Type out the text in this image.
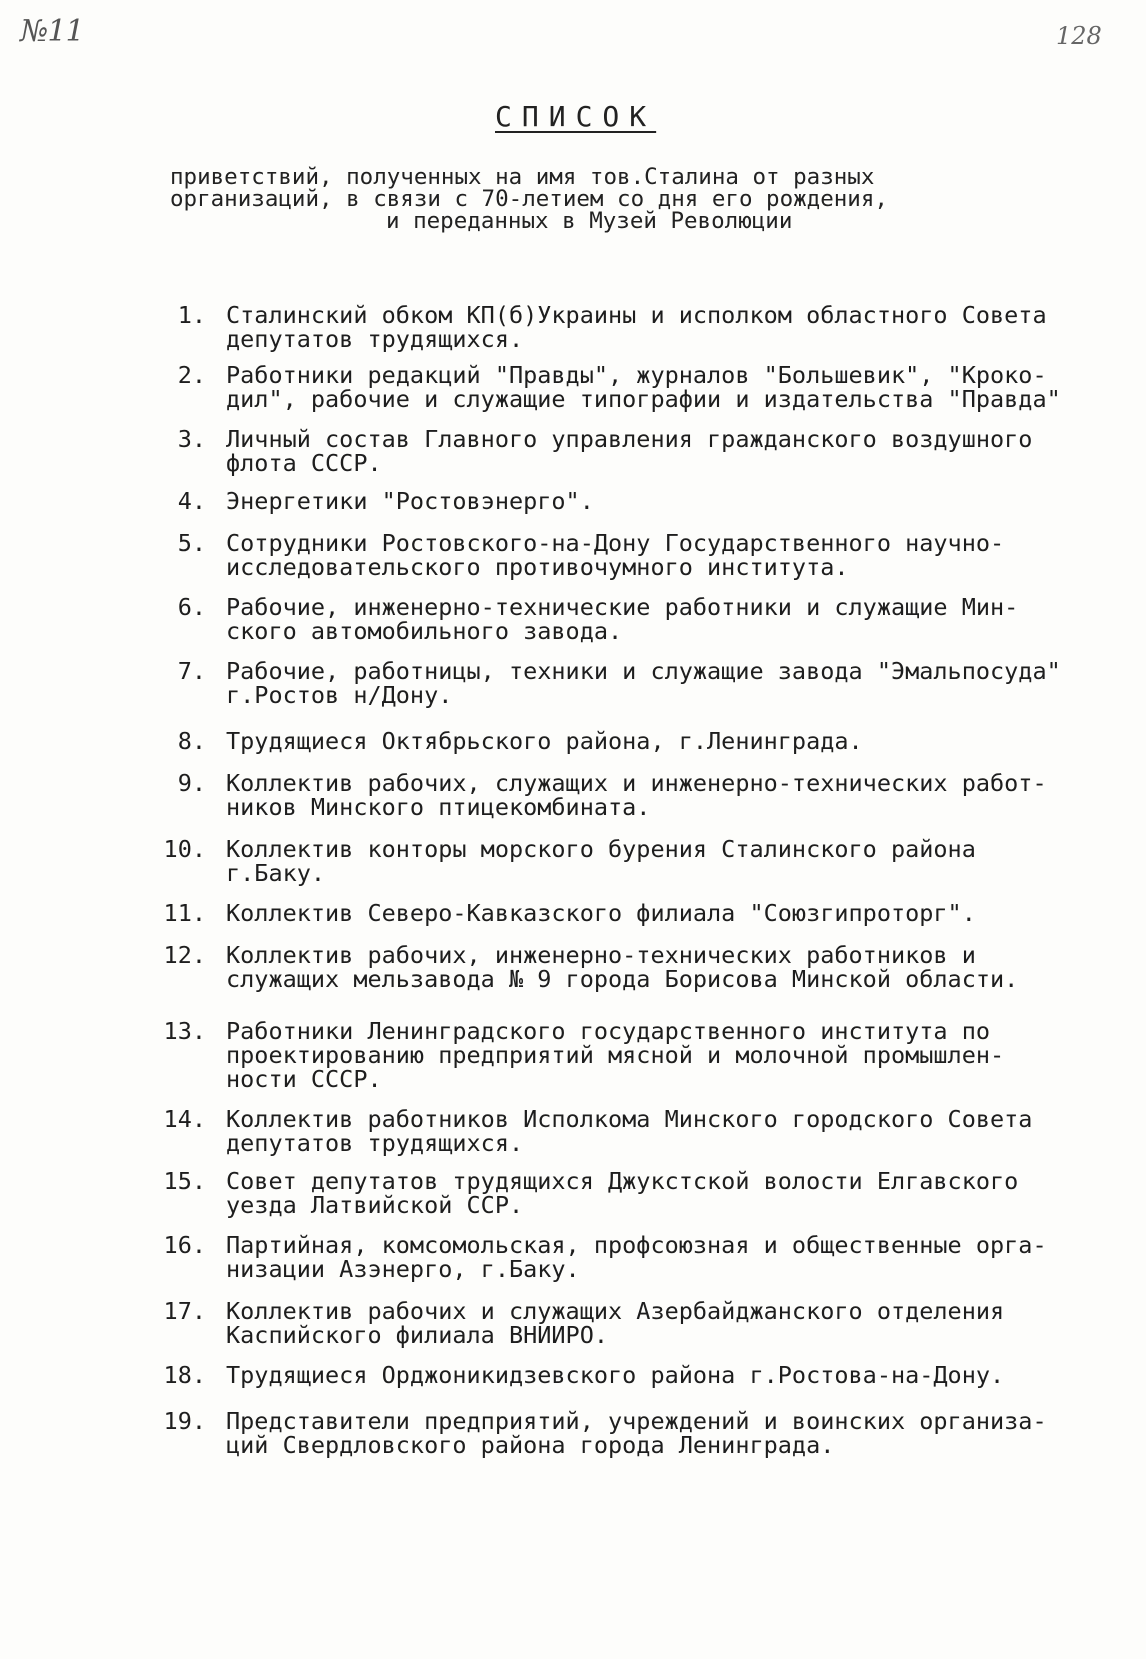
№11	128
СПИСОК
приветствий, полученных на имя тов.Сталина от разных
организаций, в связи с 70-летием со дня его рождения,
и переданных в Музей Революции
1. Сталинский обком КП(б)Украины и исполком областного Совета
депутатов трудящихся.
2. Работники редакций "Правды", журналов "Большевик", "Кроко-
дил", рабочие и служащие типографии и издательства "Правда"
3. Личный состав Главного управления гражданского воздушного
флота СССР.
4. Энергетики "Ростовэнерго".
5. Сотрудники Ростовского-на-Дону Государственного научно-
исследовательского противочумного института.
6. Рабочие, инженерно-технические работники и служащие Мин-
ского автомобильного завода.
7. Рабочие, работницы, техники и служащие завода "Эмальпосуда"
г.Ростов н/Дону.
8. Трудящиеся Октябрьского района, г.Ленинграда.
9. Коллектив рабочих, служащих и инженерно-технических работ-
ников Минского птицекомбината.
10. Коллектив конторы морского бурения Сталинского района
г.Баку.
11. Коллектив Северо-Кавказского филиала "Союзгипроторг".
12. Коллектив рабочих, инженерно-технических работников и
служащих мельзавода № 9 города Борисова Минской области.
13. Работники Ленинградского государственного института по
проектированию предприятий мясной и молочной промышлен-
ности СССР.
14. Коллектив работников Исполкома Минского городского Совета
депутатов трудящихся.
15. Совет депутатов трудящихся Джукстской волости Елгавского
уезда Латвийской ССР.
16. Партийная, комсомольская, профсоюзная и общественные орга-
низации Азэнерго, г.Баку.
17. Коллектив рабочих и служащих Азербайджанского отделения
Каспийского филиала ВНИИРО.
18. Трудящиеся Орджоникидзевского района г.Ростова-на-Дону.
19. Представители предприятий, учреждений и воинских организа-
ций Свердловского района города Ленинграда.
